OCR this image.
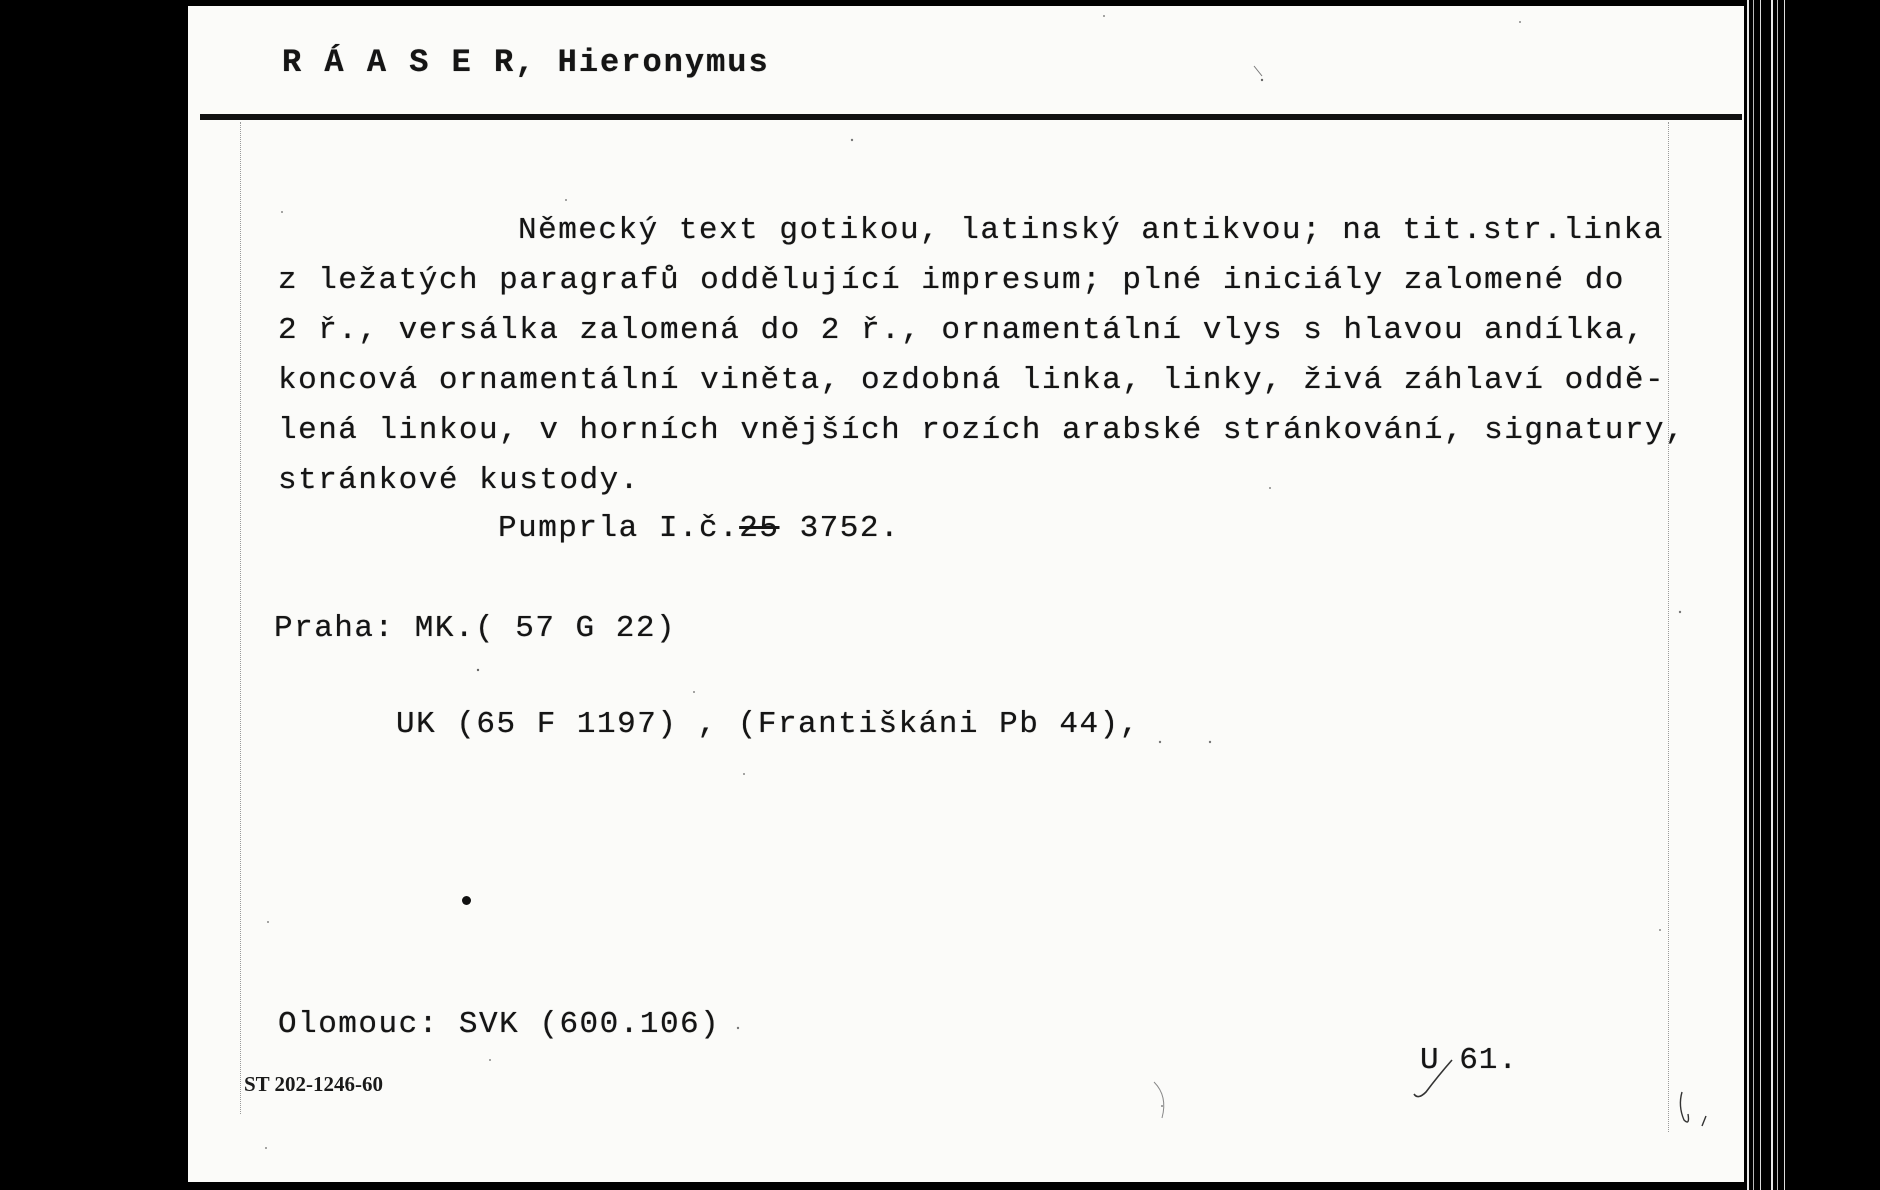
R Á A S E R, Hieronymus
Německý text gotikou, latinský antikvou; na tit.str.linka
z ležatých paragrafů oddělující impresum; plné iniciály zalomené do
2 ř., versálka zalomená do 2 ř., ornamentální vlys s hlavou andílka,
koncová ornamentální viněta, ozdobná linka, linky, živá záhlaví oddě-
lená linkou, v horních vnějších rozích arabské stránkování, signatury,
stránkové kustody.
Pumprla I.č.25 3752.
Praha: MK.( 57 G 22)
UK (65 F 1197) , (Františkáni Pb 44),
Olomouc: SVK (600.106)
ST 202-1246-60
U 61.
